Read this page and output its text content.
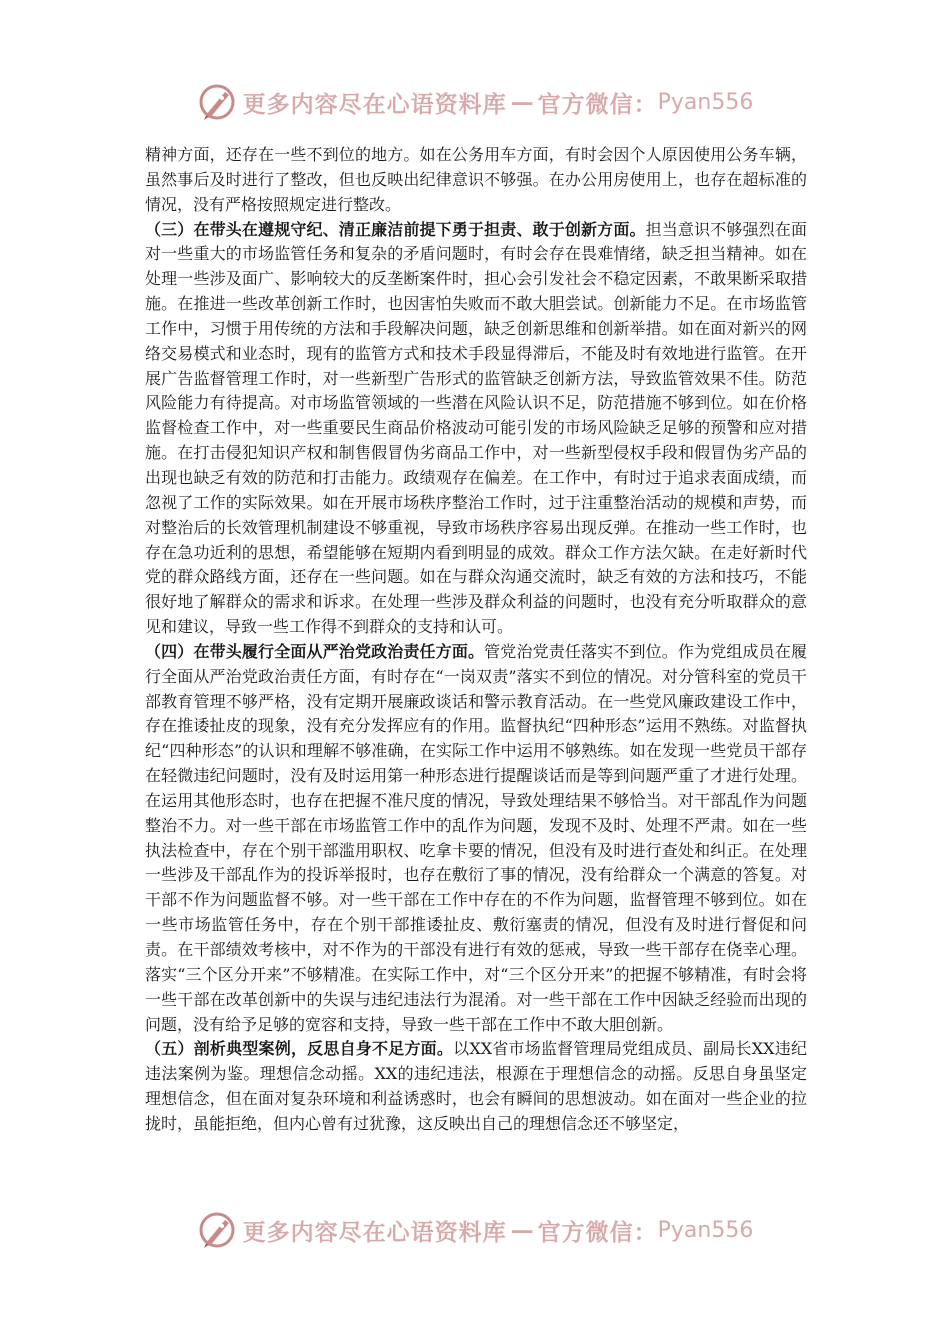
更多内容尽在心语资料库 — 官方微信： Pyan556

精神方面，还存在一些不到位的地方。如在公务用车方面，有时会因个人原因使用公务车辆，虽然事后及时进行了整改，但也反映出纪律意识不够强。在办公用房使用上，也存在超标准的情况，没有严格按照规定进行整改。

（三）在带头在遵规守纪、清正廉洁前提下勇于担责、敢于创新方面。担当意识不够强烈在面对一些重大的市场监管任务和复杂的矛盾问题时，有时会存在畏难情绪，缺乏担当精神。如在处理一些涉及面广、影响较大的反垄断案件时，担心会引发社会不稳定因素，不敢果断采取措施。在推进一些改革创新工作时，也因害怕失败而不敢大胆尝试。创新能力不足。在市场监管工作中，习惯于用传统的方法和手段解决问题，缺乏创新思维和创新举措。如在面对新兴的网络交易模式和业态时，现有的监管方式和技术手段显得滞后，不能及时有效地进行监管。在开展广告监督管理工作时，对一些新型广告形式的监管缺乏创新方法，导致监管效果不佳。防范风险能力有待提高。对市场监管领域的一些潜在风险认识不足，防范措施不够到位。如在价格监督检查工作中，对一些重要民生商品价格波动可能引发的市场风险缺乏足够的预警和应对措施。在打击侵犯知识产权和制售假冒伪劣商品工作中，对一些新型侵权手段和假冒伪劣产品的出现也缺乏有效的防范和打击能力。政绩观存在偏差。在工作中，有时过于追求表面成绩，而忽视了工作的实际效果。如在开展市场秩序整治工作时，过于注重整治活动的规模和声势，而对整治后的长效管理机制建设不够重视，导致市场秩序容易出现反弹。在推动一些工作时，也存在急功近利的思想，希望能够在短期内看到明显的成效。群众工作方法欠缺。在走好新时代党的群众路线方面，还存在一些问题。如在与群众沟通交流时，缺乏有效的方法和技巧，不能很好地了解群众的需求和诉求。在处理一些涉及群众利益的问题时，也没有充分听取群众的意见和建议，导致一些工作得不到群众的支持和认可。

（四）在带头履行全面从严治党政治责任方面。管党治党责任落实不到位。作为党组成员在履行全面从严治党政治责任方面，有时存在“一岗双责”落实不到位的情况。对分管科室的党员干部教育管理不够严格，没有定期开展廉政谈话和警示教育活动。在一些党风廉政建设工作中，存在推诿扯皮的现象，没有充分发挥应有的作用。监督执纪“四种形态”运用不熟练。对监督执纪“四种形态”的认识和理解不够准确，在实际工作中运用不够熟练。如在发现一些党员干部存在轻微违纪问题时，没有及时运用第一种形态进行提醒谈话而是等到问题严重了才进行处理。在运用其他形态时，也存在把握不准尺度的情况，导致处理结果不够恰当。对干部乱作为问题整治不力。对一些干部在市场监管工作中的乱作为问题，发现不及时、处理不严肃。如在一些执法检查中，存在个别干部滥用职权、吃拿卡要的情况，但没有及时进行查处和纠正。在处理一些涉及干部乱作为的投诉举报时，也存在敷衍了事的情况，没有给群众一个满意的答复。对干部不作为问题监督不够。对一些干部在工作中存在的不作为问题，监督管理不够到位。如在一些市场监管任务中，存在个别干部推诿扯皮、敷衍塞责的情况，但没有及时进行督促和问责。在干部绩效考核中，对不作为的干部没有进行有效的惩戒，导致一些干部存在侥幸心理。落实“三个区分开来”不够精准。在实际工作中，对“三个区分开来”的把握不够精准，有时会将一些干部在改革创新中的失误与违纪违法行为混淆。对一些干部在工作中因缺乏经验而出现的问题，没有给予足够的宽容和支持，导致一些干部在工作中不敢大胆创新。

（五）剖析典型案例，反思自身不足方面。以XX省市场监督管理局党组成员、副局长XX违纪违法案例为鉴。理想信念动摇。XX的违纪违法，根源在于理想信念的动摇。反思自身虽坚定理想信念，但在面对复杂环境和利益诱惑时，也会有瞬间的思想波动。如在面对一些企业的拉拢时，虽能拒绝，但内心曾有过犹豫，这反映出自己的理想信念还不够坚定，

更多内容尽在心语资料库 — 官方微信： Pyan556
